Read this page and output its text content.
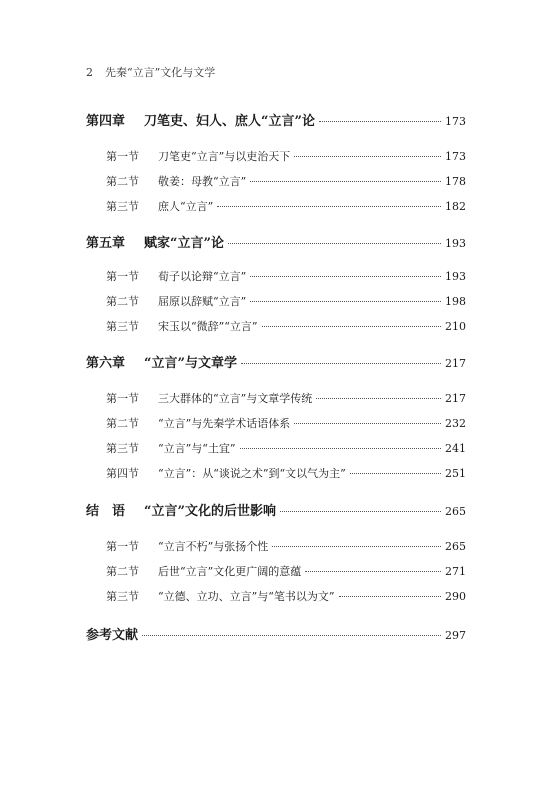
2 先秦“立言”文化与文学
第四章	刀笔吏、妇人、庶人“立言”论	173
第一节	刀笔吏“立言”与以吏治天下	173
第二节	敬姜：母教“立言”	178
第三节	庶人“立言”	182
第五章	赋家“立言”论	193
第一节	荀子以论辩“立言”	193
第二节	屈原以辞赋“立言”	198
第三节	宋玉以“微辞”“立言”	210
第六章	“立言”与文章学	217
第一节	三大群体的“立言”与文章学传统	217
第二节	“立言”与先秦学术话语体系	232
第三节	“立言”与“土宜”	241
第四节	“立言”：从“谈说之术”到“文以气为主”	251
结　语	“立言”文化的后世影响	265
第一节	“立言不朽”与张扬个性	265
第二节	后世“立言”文化更广阔的意蕴	271
第三节	“立德、立功、立言”与“笔书以为文”	290
参考文献	297
